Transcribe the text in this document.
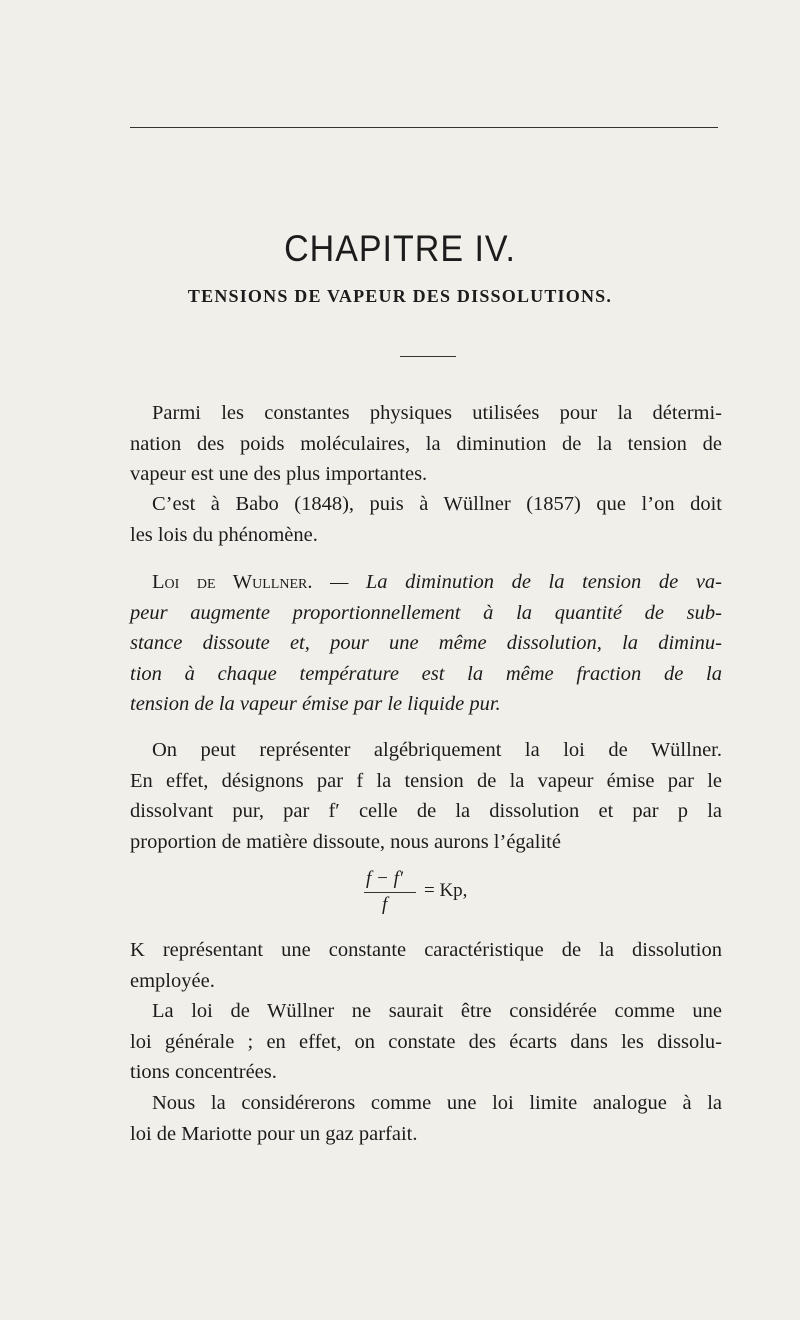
CHAPITRE IV.
TENSIONS DE VAPEUR DES DISSOLUTIONS.
Parmi les constantes physiques utilisées pour la détermi-
nation des poids moléculaires, la diminution de la tension de
vapeur est une des plus importantes.
C’est à Babo (1848), puis à Wüllner (1857) que l’on doit
les lois du phénomène.
Loi de Wullner. — La diminution de la tension de va-
peur augmente proportionnellement à la quantité de sub-
stance dissoute et, pour une même dissolution, la diminu-
tion à chaque température est la même fraction de la
tension de la vapeur émise par le liquide pur.
On peut représenter algébriquement la loi de Wüllner.
En effet, désignons par f la tension de la vapeur émise par le
dissolvant pur, par f′ celle de la dissolution et par p la
proportion de matière dissoute, nous aurons l’égalité
f − f′
f
= Kp,
K représentant une constante caractéristique de la dissolution
employée.
La loi de Wüllner ne saurait être considérée comme une
loi générale ; en effet, on constate des écarts dans les dissolu-
tions concentrées.
Nous la considérerons comme une loi limite analogue à la
loi de Mariotte pour un gaz parfait.
